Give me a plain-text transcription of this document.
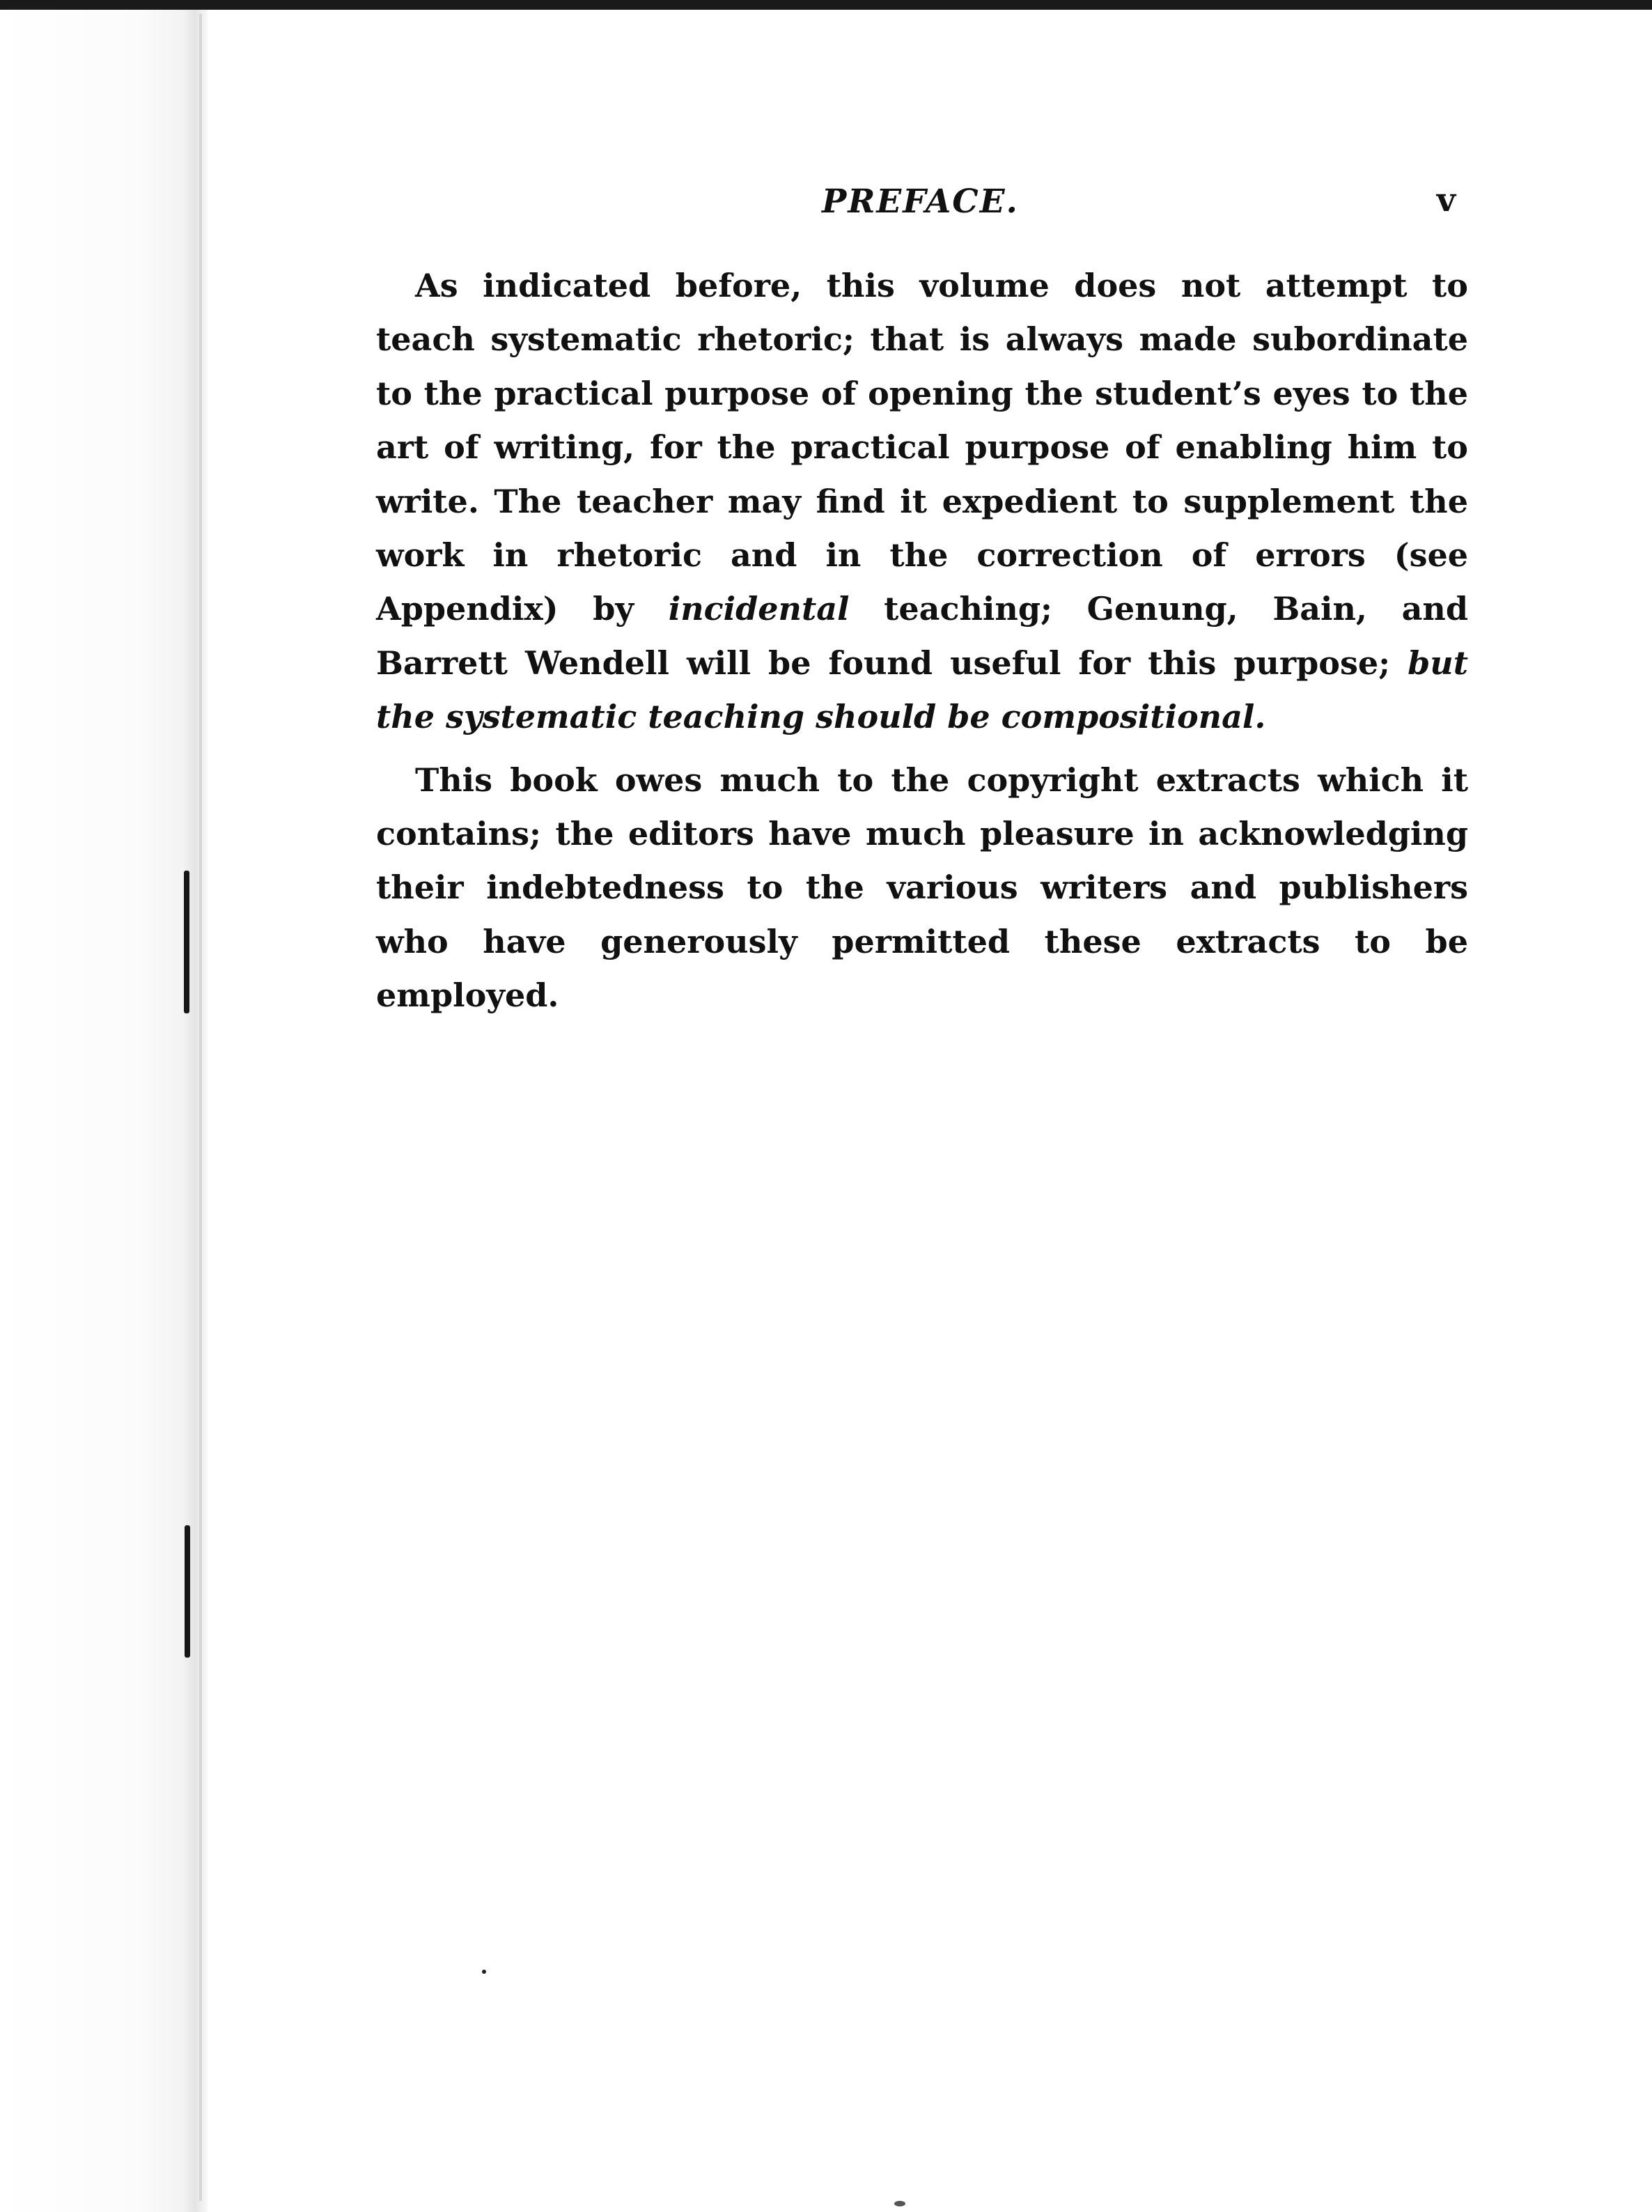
PREFACE.	v

As indicated before, this volume does not attempt to teach systematic rhetoric; that is always made subordinate to the practical purpose of opening the student’s eyes to the art of writing, for the practical purpose of enabling him to write. The teacher may find it expedient to supplement the work in rhetoric and in the correction of errors (see Appendix) by incidental teaching; Genung, Bain, and Barrett Wendell will be found useful for this purpose; but the systematic teaching should be compositional.

This book owes much to the copyright extracts which it contains; the editors have much pleasure in acknowledging their indebtedness to the various writers and publishers who have generously permitted these extracts to be employed.
